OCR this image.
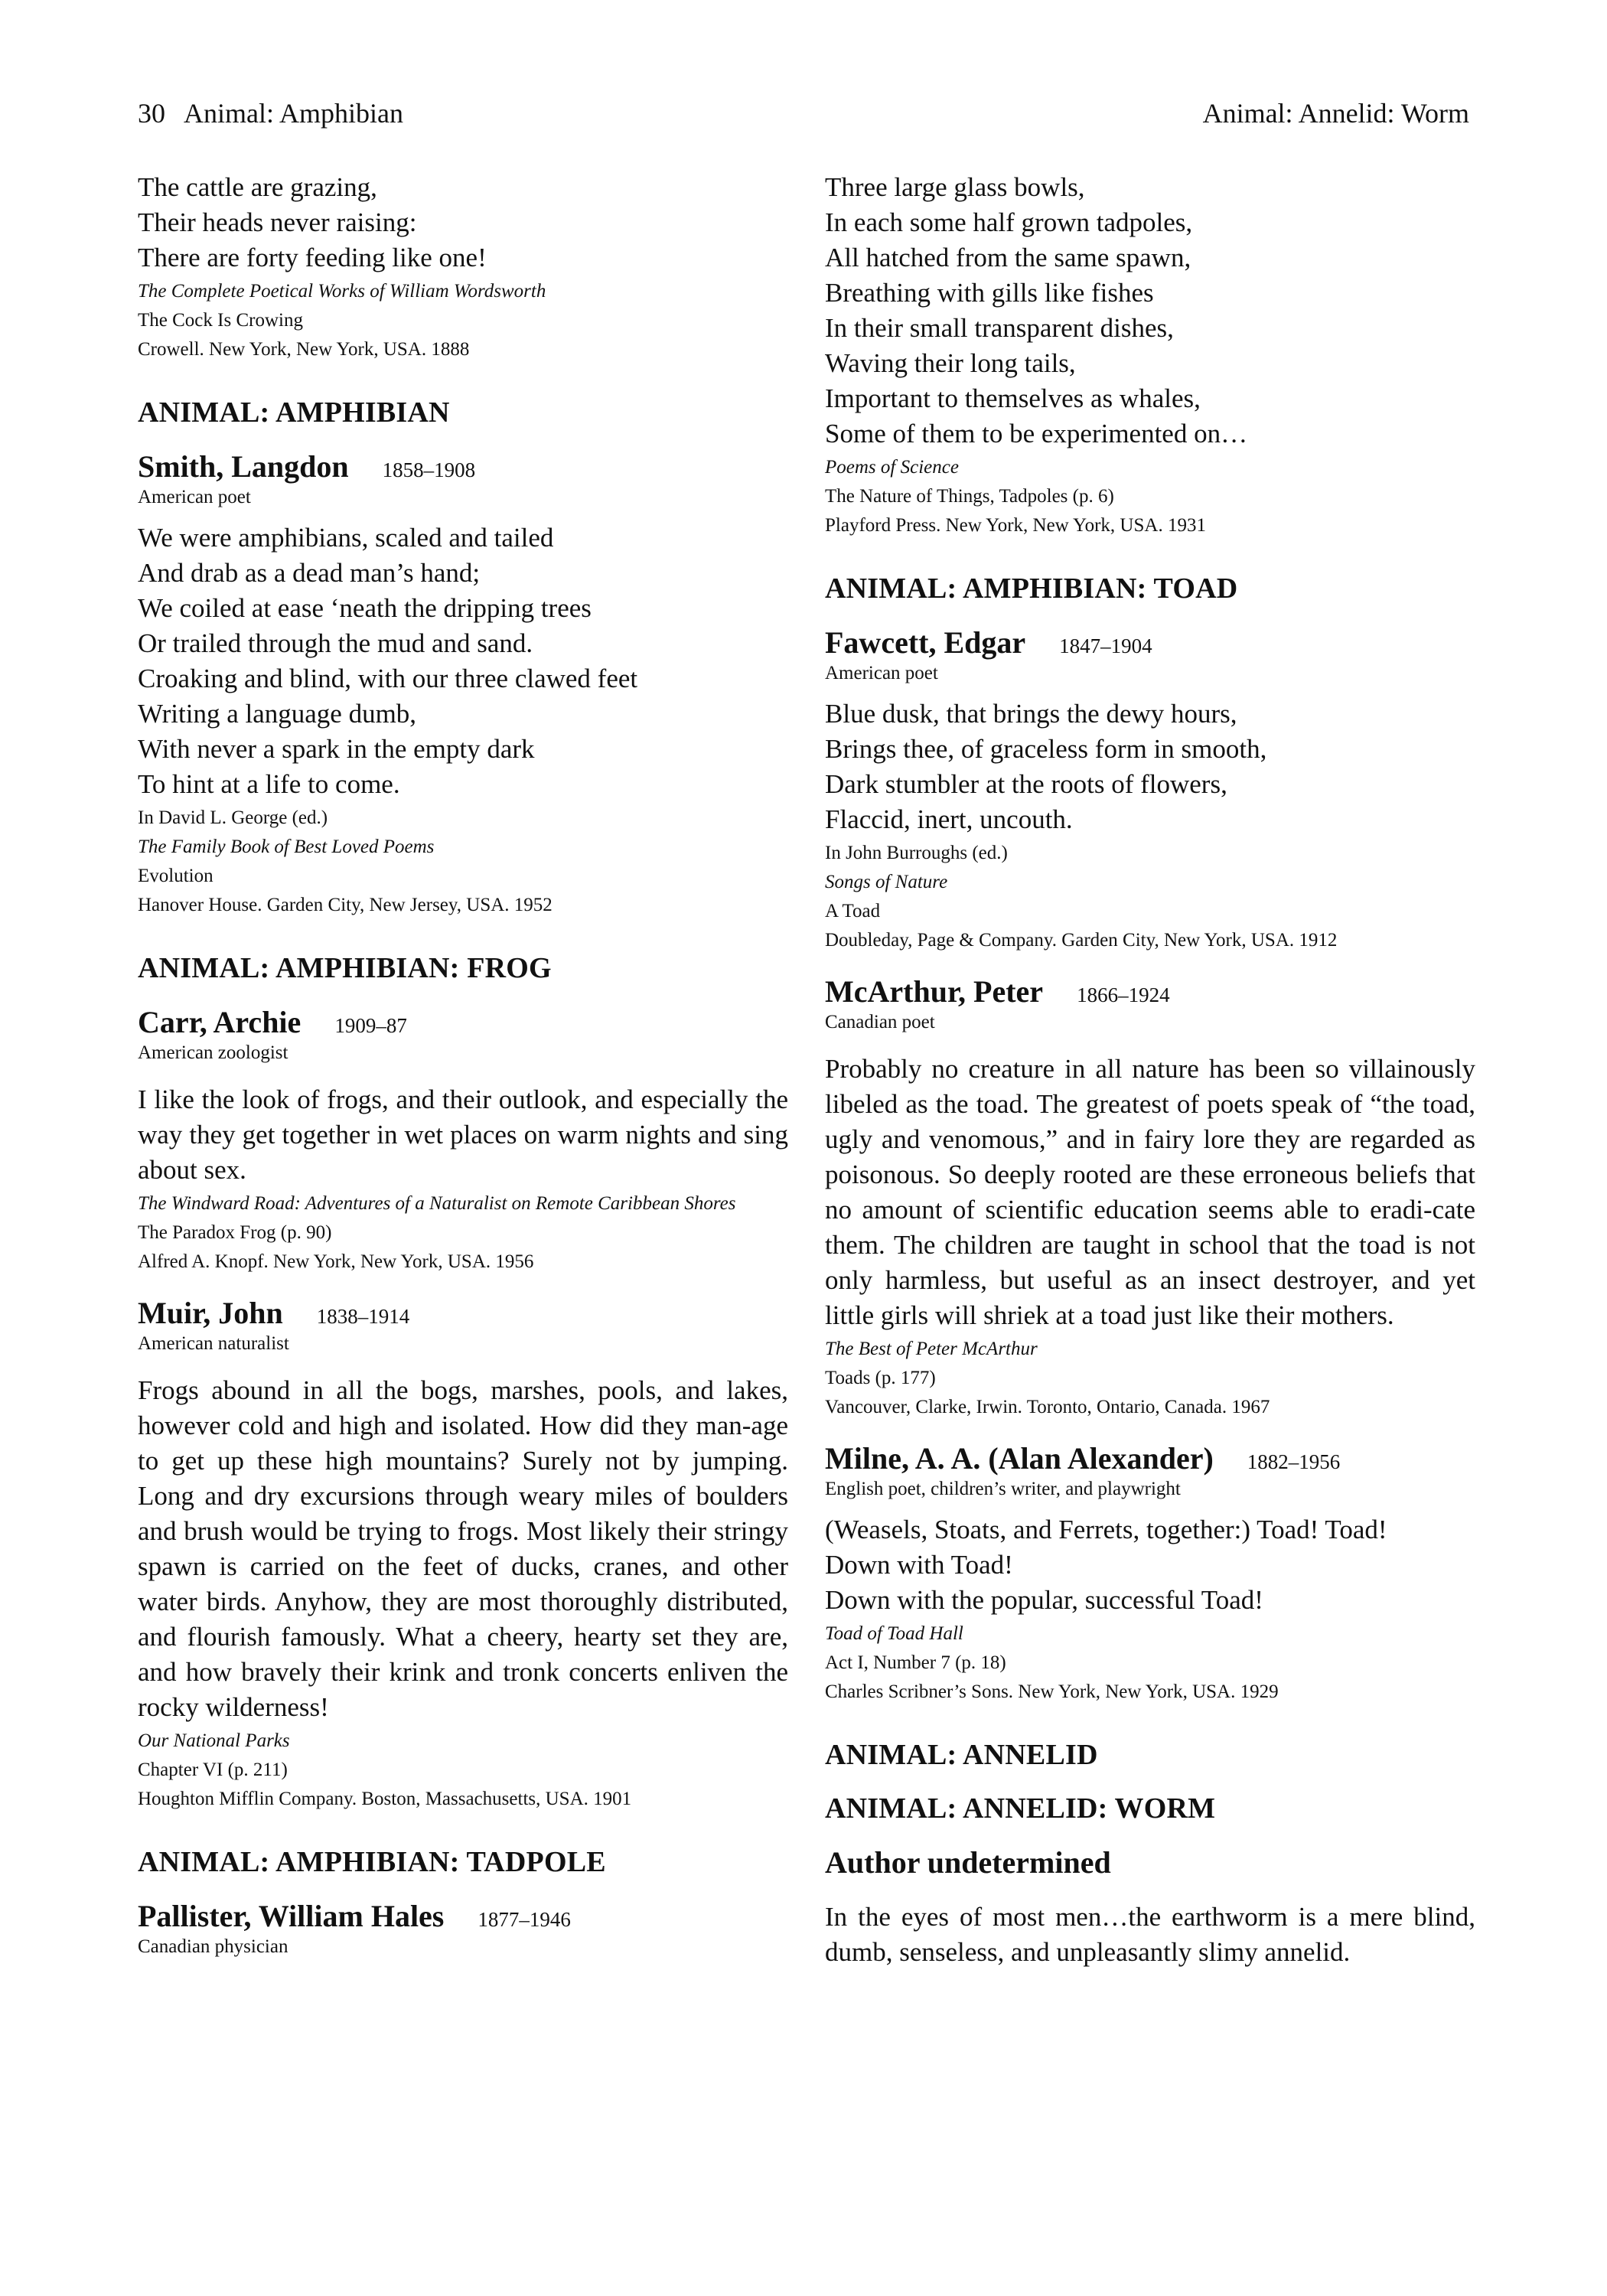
30 Animal: Amphibian	Animal: Annelid: Worm
The cattle are grazing,
Their heads never raising:
There are forty feeding like one!
The Complete Poetical Works of William Wordsworth
The Cock Is Crowing
Crowell. New York, New York, USA. 1888
ANIMAL: AMPHIBIAN
Smith, Langdon 1858–1908

American poet

We were amphibians, scaled and tailed
And drab as a dead man’s hand;
We coiled at ease ‘neath the dripping trees
Or trailed through the mud and sand.
Croaking and blind, with our three clawed feet
Writing a language dumb,
With never a spark in the empty dark
To hint at a life to come.
In David L. George (ed.)
The Family Book of Best Loved Poems
Evolution
Hanover House. Garden City, New Jersey, USA. 1952
ANIMAL: AMPHIBIAN: FROG
Carr, Archie 1909–87

American zoologist

I like the look of frogs, and their outlook, and especially the way they get together in wet places on warm nights and sing about sex.

The Windward Road: Adventures of a Naturalist on Remote Caribbean Shores
The Paradox Frog (p. 90)
Alfred A. Knopf. New York, New York, USA. 1956
Muir, John 1838–1914

American naturalist

Frogs abound in all the bogs, marshes, pools, and lakes, however cold and high and isolated. How did they man-age to get up these high mountains? Surely not by jumping. Long and dry excursions through weary miles of boulders and brush would be trying to frogs. Most likely their stringy spawn is carried on the feet of ducks, cranes, and other water birds. Anyhow, they are most thoroughly distributed, and flourish famously. What a cheery, hearty set they are, and how bravely their krink and tronk concerts enliven the rocky wilderness!

Our National Parks
Chapter VI (p. 211)
Houghton Mifflin Company. Boston, Massachusetts, USA. 1901
ANIMAL: AMPHIBIAN: TADPOLE
Pallister, William Hales 1877–1946

Canadian physician

Three large glass bowls,
In each some half grown tadpoles,
All hatched from the same spawn,
Breathing with gills like fishes
In their small transparent dishes,
Waving their long tails,
Important to themselves as whales,
Some of them to be experimented on…
Poems of Science
The Nature of Things, Tadpoles (p. 6)
Playford Press. New York, New York, USA. 1931
ANIMAL: AMPHIBIAN: TOAD
Fawcett, Edgar 1847–1904

American poet

Blue dusk, that brings the dewy hours,
Brings thee, of graceless form in smooth,
Dark stumbler at the roots of flowers,
Flaccid, inert, uncouth.
In John Burroughs (ed.)
Songs of Nature
A Toad
Doubleday, Page & Company. Garden City, New York, USA. 1912
McArthur, Peter 1866–1924

Canadian poet

Probably no creature in all nature has been so villainously libeled as the toad. The greatest of poets speak of “the toad, ugly and venomous,” and in fairy lore they are regarded as poisonous. So deeply rooted are these erroneous beliefs that no amount of scientific education seems able to eradi-cate them. The children are taught in school that the toad is not only harmless, but useful as an insect destroyer, and yet little girls will shriek at a toad just like their mothers.

The Best of Peter McArthur
Toads (p. 177)
Vancouver, Clarke, Irwin. Toronto, Ontario, Canada. 1967
Milne, A. A. (Alan Alexander) 1882–1956

English poet, children’s writer, and playwright

(Weasels, Stoats, and Ferrets, together:) Toad! Toad!
Down with Toad!
Down with the popular, successful Toad!
Toad of Toad Hall
Act I, Number 7 (p. 18)
Charles Scribner’s Sons. New York, New York, USA. 1929
ANIMAL: ANNELID
ANIMAL: ANNELID: WORM
Author undetermined

In the eyes of most men…the earthworm is a mere blind, dumb, senseless, and unpleasantly slimy annelid.
